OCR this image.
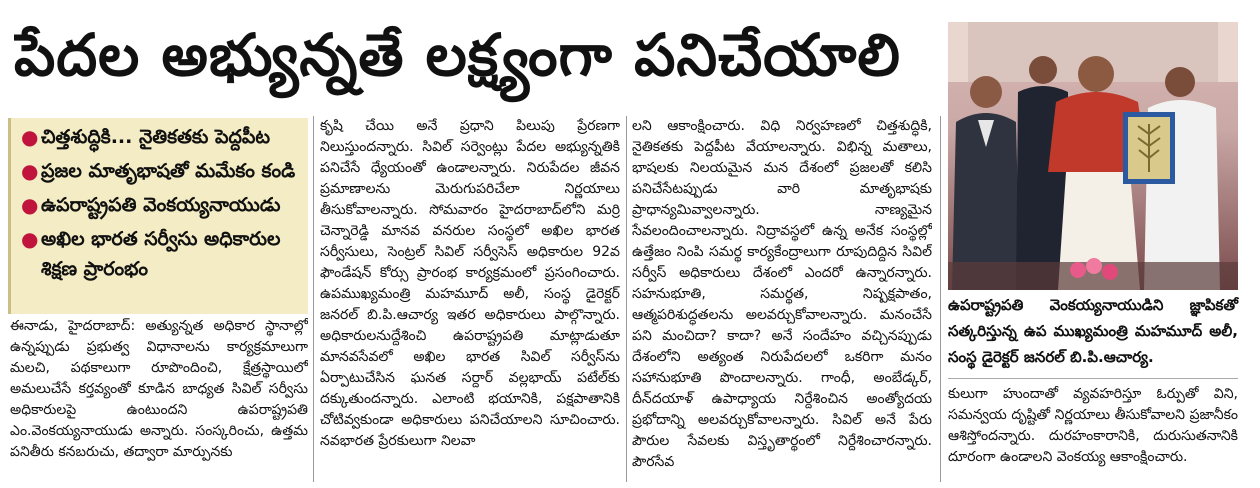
పేదల అభ్యున్నతే లక్ష్యంగా పనిచేయాలి
● చిత్తశుద్ధికి... నైతికతకు పెద్దపీట
● ప్రజల మాతృభాషతో మమేకం కండి
● ఉపరాష్ట్రపతి వెంకయ్యనాయుడు
● అఖిల భారత సర్వీసు అధికారుల శిక్షణ ప్రారంభం
ఈనాడు, హైదరాబాద్: అత్యున్నత అధికార స్థానాల్లో ఉన్నప్పుడు ప్రభుత్వ విధానాలను కార్యక్రమాలుగా మలచి, పథకాలుగా రూపొందించి, క్షేత్రస్థాయిలో అమలుచేసే కర్తవ్యంతో కూడిన బాధ్యత సివిల్ సర్వీసు అధికారులపై ఉంటుందని ఉపరాష్ట్రపతి ఎం.వెంకయ్యనాయుడు అన్నారు. సంస్కరించు, ఉత్తమ పనితీరు కనబరుచు, తద్వారా మార్పునకు
కృషి చేయి అనే ప్రధాని పిలుపు ప్రేరణగా నిలుస్తుందన్నారు. సివిల్ సర్వెంట్లు పేదల అభ్యున్నతికి పనిచేసే ధ్యేయంతో ఉండాలన్నారు. నిరుపేదల జీవన ప్రమాణాలను మెరుగుపరిచేలా నిర్ణయాలు తీసుకోవాలన్నారు. సోమవారం హైదరాబాద్‌లోని మర్రి చెన్నారెడ్డి మానవ వనరుల సంస్థలో అఖిల భారత సర్వీసులు, సెంట్రల్ సివిల్ సర్వీసెస్ అధికారుల 92వ ఫౌండేషన్ కోర్సు ప్రారంభ కార్యక్రమంలో ప్రసంగించారు. ఉపముఖ్యమంత్రి మహమూద్ అలీ, సంస్థ డైరెక్టర్ జనరల్ బి.పి.ఆచార్య ఇతర అధికారులు పాల్గొన్నారు. అధికారులనుద్దేశించి ఉపరాష్ట్రపతి మాట్లాడుతూ మానవసేవలో అఖిల భారత సివిల్ సర్వీస్‌ను ఏర్పాటుచేసిన ఘనత సర్దార్ వల్లభాయ్ పటేల్‌కు దక్కుతుందన్నారు. ఎలాంటి భయానికి, పక్షపాతానికి చోటివ్వకుండా అధికారులు పనిచేయాలని సూచించారు. నవభారత ప్రేరకులుగా నిలవా
లని ఆకాంక్షించారు. విధి నిర్వహణలో చిత్తశుద్ధికి, నైతికతకు పెద్దపీట వేయాలన్నారు. విభిన్న మతాలు, భాషలకు నిలయమైన మన దేశంలో ప్రజలతో కలిసి పనిచేసేటప్పుడు వారి మాతృభాషకు ప్రాధాన్యమివ్వాలన్నారు. నాణ్యమైన సేవలందించాలన్నారు. నిద్రావస్థలో ఉన్న అనేక సంస్థల్లో ఉత్తేజం నింపి సమర్థ కార్యకేంద్రాలుగా రూపుదిద్దిన సివిల్ సర్వీస్ అధికారులు దేశంలో ఎందరో ఉన్నారన్నారు. సహనుభూతి, సమర్థత, నిష్పక్షపాతం, ఆత్మపరిశుద్ధతలను అలవర్చుకోవాలన్నారు. మనంచేసే పని మంచిదా? కాదా? అనే సందేహం వచ్చినప్పుడు దేశంలోని అత్యంత నిరుపేదలలో ఒకరిగా మనం సహానుభూతి పొందాలన్నారు. గాంధీ, అంబేడ్కర్, దీన్‌దయాళ్ ఉపాధ్యాయ నిర్దేశించిన అంత్యోదయ ప్రభోదాన్ని అలవర్చుకోవాలన్నారు. సివిల్ అనే పేరు పౌరుల సేవలకు విస్తృతార్థంలో నిర్దేశించారన్నారు. పౌరసేవ
ఉపరాష్ట్రపతి వెంకయ్యనాయుడిని జ్ఞాపికతో సత్కరిస్తున్న ఉప ముఖ్యమంత్రి మహమూద్ అలీ, సంస్థ డైరెక్టర్ జనరల్ బి.పి.ఆచార్య.
కులుగా హుందాతో వ్యవహరిస్తూ ఓర్పుతో విని, సమన్వయ దృష్టితో నిర్ణయాలు తీసుకోవాలని ప్రజానీకం ఆశిస్తోందన్నారు. దురహంకారానికి, దురుసుతనానికి దూరంగా ఉండాలని వెంకయ్య ఆకాంక్షించారు.
